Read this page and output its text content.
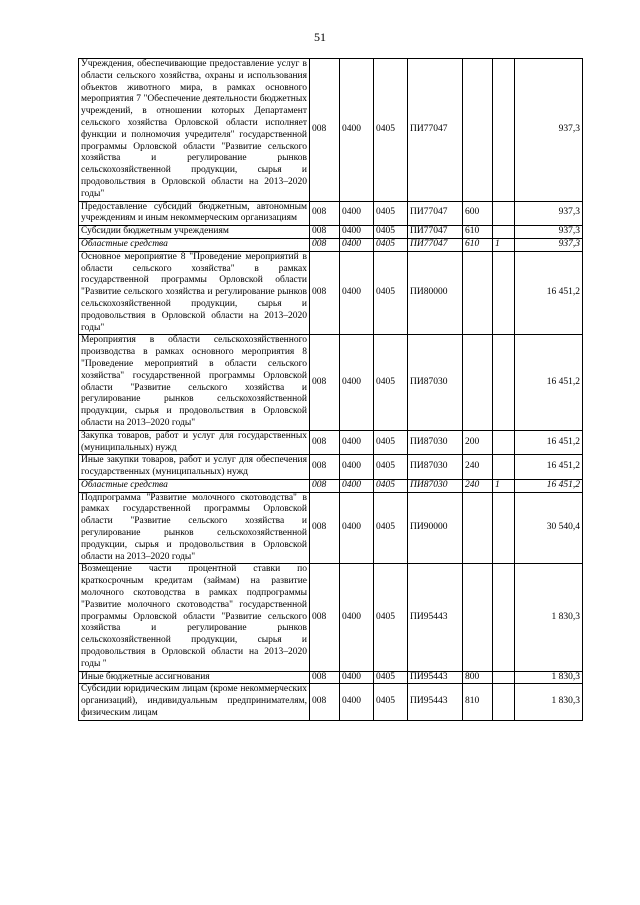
51
Учреждения, обеспечивающие предоставление услуг в области сельского хозяйства, охраны и использования объектов животного мира, в рамках основного мероприятия 7 "Обеспечение деятельности бюджетных учреждений, в отношении которых Департамент сельского хозяйства Орловской области исполняет функции и полномочия учредителя" государственной программы Орловской области "Развитие сельского хозяйства и регулирование рынков сельскохозяйственной продукции, сырья и продовольствия в Орловской области на 2013–2020 годы"	008	0400	0405	ПИ77047			937,3
Предоставление субсидий бюджетным, автономным учреждениям и иным некоммерческим организациям	008	0400	0405	ПИ77047	600		937,3
Субсидии бюджетным учреждениям	008	0400	0405	ПИ77047	610		937,3
Областные средства	008	0400	0405	ПИ77047	610	1	937,3
Основное мероприятие 8 "Проведение мероприятий в области сельского хозяйства" в рамках государственной программы Орловской области "Развитие сельского хозяйства и регулирование рынков сельскохозяйственной продукции, сырья и продовольствия в Орловской области на 2013–2020 годы"	008	0400	0405	ПИ80000			16 451,2
Мероприятия в области сельскохозяйственного производства в рамках основного мероприятия 8 "Проведение мероприятий в области сельского хозяйства" государственной программы Орловской области "Развитие сельского хозяйства и регулирование рынков сельскохозяйственной продукции, сырья и продовольствия в Орловской области на 2013–2020 годы"	008	0400	0405	ПИ87030			16 451,2
Закупка товаров, работ и услуг для государственных (муниципальных) нужд	008	0400	0405	ПИ87030	200		16 451,2
Иные закупки товаров, работ и услуг для обеспечения государственных (муниципальных) нужд	008	0400	0405	ПИ87030	240		16 451,2
Областные средства	008	0400	0405	ПИ87030	240	1	16 451,2
Подпрограмма "Развитие молочного скотоводства" в рамках государственной программы Орловской области "Развитие сельского хозяйства и регулирование рынков сельскохозяйственной продукции, сырья и продовольствия в Орловской области на 2013–2020 годы"	008	0400	0405	ПИ90000			30 540,4
Возмещение части процентной ставки по краткосрочным кредитам (займам) на развитие молочного скотоводства в рамках подпрограммы "Развитие молочного скотоводства" государственной программы Орловской области "Развитие сельского хозяйства и регулирование рынков сельскохозяйственной продукции, сырья и продовольствия в Орловской области на 2013–2020 годы "	008	0400	0405	ПИ95443			1 830,3
Иные бюджетные ассигнования	008	0400	0405	ПИ95443	800		1 830,3
Субсидии юридическим лицам (кроме некоммерческих организаций), индивидуальным предпринимателям, физическим лицам	008	0400	0405	ПИ95443	810		1 830,3
